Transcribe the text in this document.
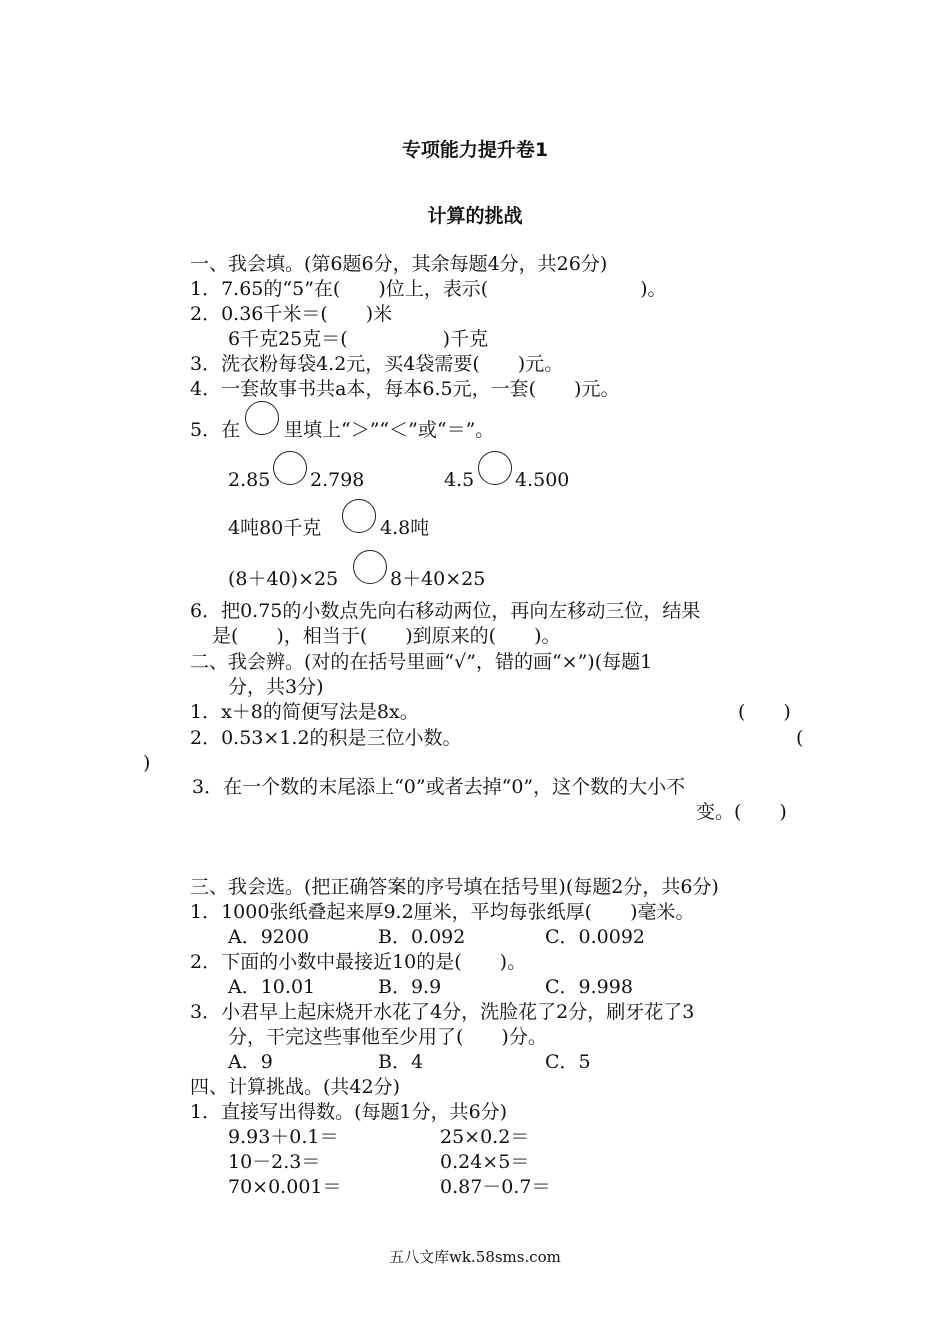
专项能力提升卷1
计算的挑战
一、我会填。(第6题6分，其余每题4分，共26分)
1．7.65的“5”在(　　)位上，表示(　　　　　　　　)。
2．0.36千米＝(　　)米
6千克25克＝(　　　　　)千克
3．洗衣粉每袋4.2元，买4袋需要(　　)元。
4．一套故事书共a本，每本6.5元，一套(　　)元。
5．在 里填上“＞”“＜”或“＝”。
2.85 2.798	4.5 4.500
4吨80千克	4.8吨
(8＋40)×25	8＋40×25
6．把0.75的小数点先向右移动两位，再向左移动三位，结果
是(　　)，相当于(　　)到原来的(　　)。
二、我会辨。(对的在括号里画“√”，错的画“×”)(每题1
分，共3分)
1．x＋8的简便写法是8x。	(　　)
2．0.53×1.2的积是三位小数。	(
)
3．在一个数的末尾添上“0”或者去掉“0”，这个数的大小不
变。(　　)
三、我会选。(把正确答案的序号填在括号里)(每题2分，共6分)
1．1000张纸叠起来厚9.2厘米，平均每张纸厚(　　)毫米。
A．9200	B．0.092	C．0.0092
2．下面的小数中最接近10的是(　　)。
A．10.01	B．9.9	C．9.998
3．小君早上起床烧开水花了4分，洗脸花了2分，刷牙花了3
分，干完这些事他至少用了(　　)分。
A．9	B．4	C．5
四、计算挑战。(共42分)
1．直接写出得数。(每题1分，共6分)
9.93＋0.1＝	25×0.2＝
10－2.3＝	0.24×5＝
70×0.001＝	0.87－0.7＝
五八文库wk.58sms.com
